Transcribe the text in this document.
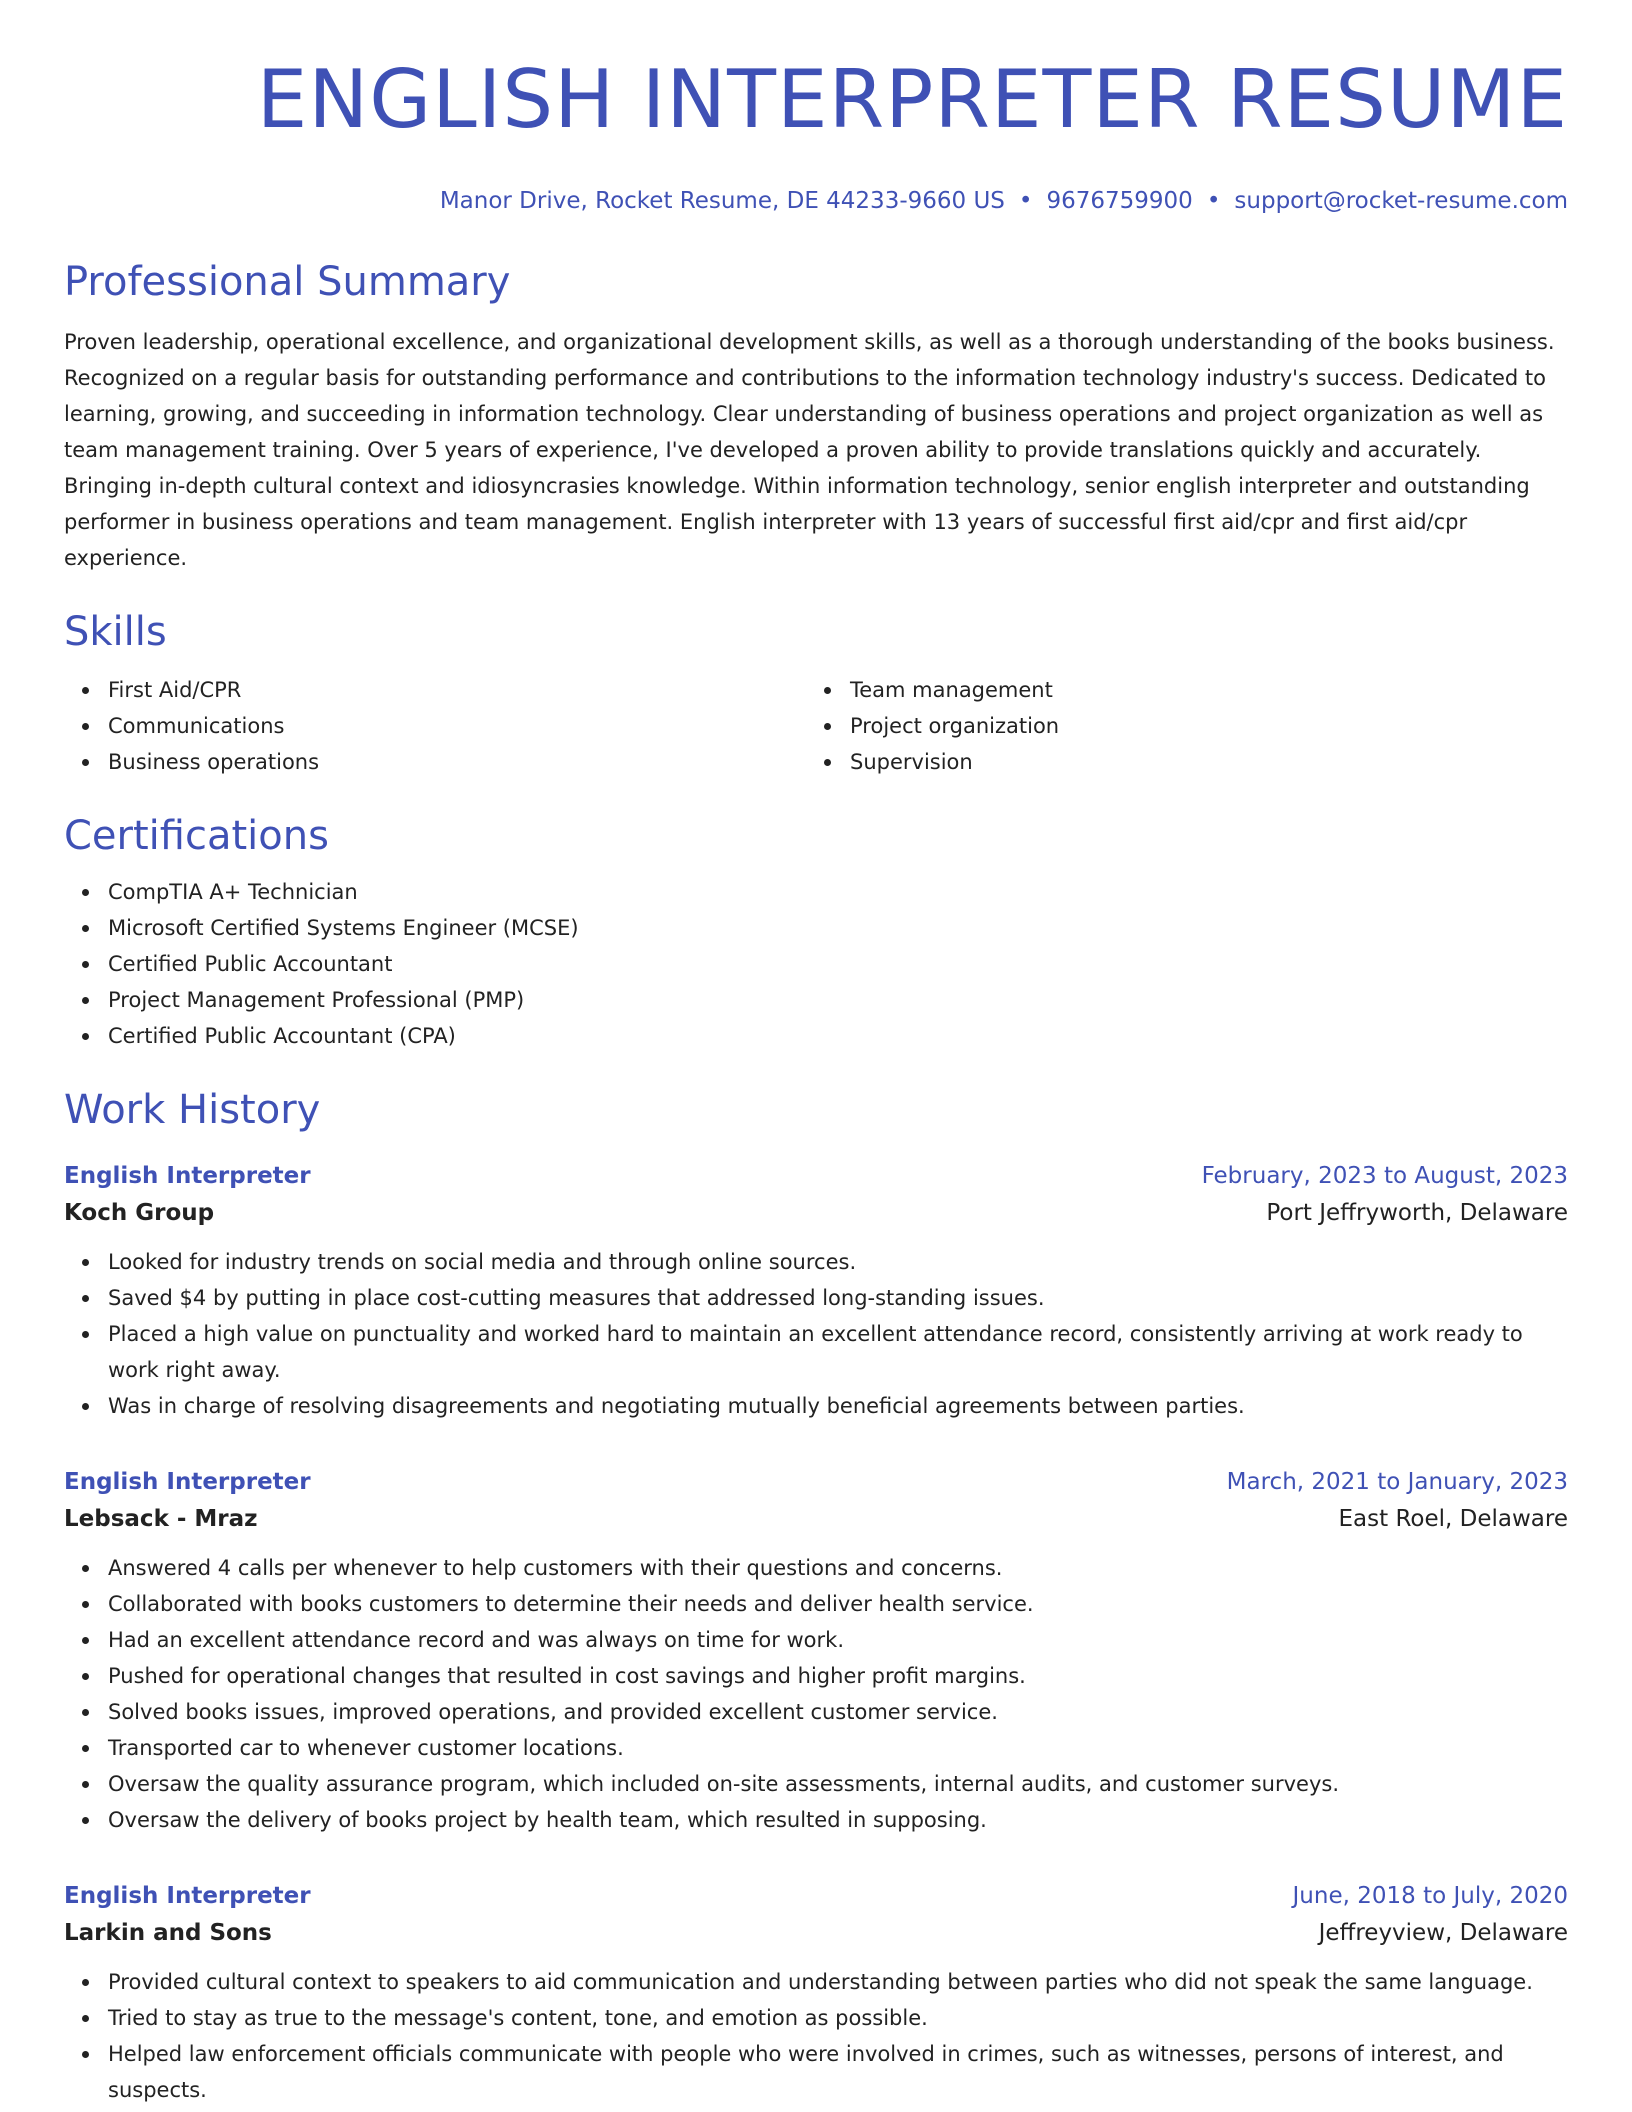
ENGLISH INTERPRETER RESUME
Manor Drive, Rocket Resume, DE 44233-9660 US • 9676759900 • support@rocket-resume.com
Professional Summary

Proven leadership, operational excellence, and organizational development skills, as well as a thorough understanding of the books business. Recognized on a regular basis for outstanding performance and contributions to the information technology industry's success. Dedicated to learning, growing, and succeeding in information technology. Clear understanding of business operations and project organization as well as team management training. Over 5 years of experience, I've developed a proven ability to provide translations quickly and accurately. Bringing in-depth cultural context and idiosyncrasies knowledge. Within information technology, senior english interpreter and outstanding performer in business operations and team management. English interpreter with 13 years of successful first aid/cpr and first aid/cpr experience.

Skills
First Aid/CPR
Communications
Business operations
Team management
Project organization
Supervision
Certifications
CompTIA A+ Technician
Microsoft Certified Systems Engineer (MCSE)
Certified Public Accountant
Project Management Professional (PMP)
Certified Public Accountant (CPA)
Work History
English Interpreter	February, 2023 to August, 2023
Koch Group	Port Jeffryworth, Delaware
Looked for industry trends on social media and through online sources.
Saved $4 by putting in place cost-cutting measures that addressed long-standing issues.
Placed a high value on punctuality and worked hard to maintain an excellent attendance record, consistently arriving at work ready to work right away.
Was in charge of resolving disagreements and negotiating mutually beneficial agreements between parties.
English Interpreter	March, 2021 to January, 2023
Lebsack - Mraz	East Roel, Delaware
Answered 4 calls per whenever to help customers with their questions and concerns.
Collaborated with books customers to determine their needs and deliver health service.
Had an excellent attendance record and was always on time for work.
Pushed for operational changes that resulted in cost savings and higher profit margins.
Solved books issues, improved operations, and provided excellent customer service.
Transported car to whenever customer locations.
Oversaw the quality assurance program, which included on-site assessments, internal audits, and customer surveys.
Oversaw the delivery of books project by health team, which resulted in supposing.
English Interpreter	June, 2018 to July, 2020
Larkin and Sons	Jeffreyview, Delaware
Provided cultural context to speakers to aid communication and understanding between parties who did not speak the same language.
Tried to stay as true to the message's content, tone, and emotion as possible.
Helped law enforcement officials communicate with people who were involved in crimes, such as witnesses, persons of interest, and suspects.
